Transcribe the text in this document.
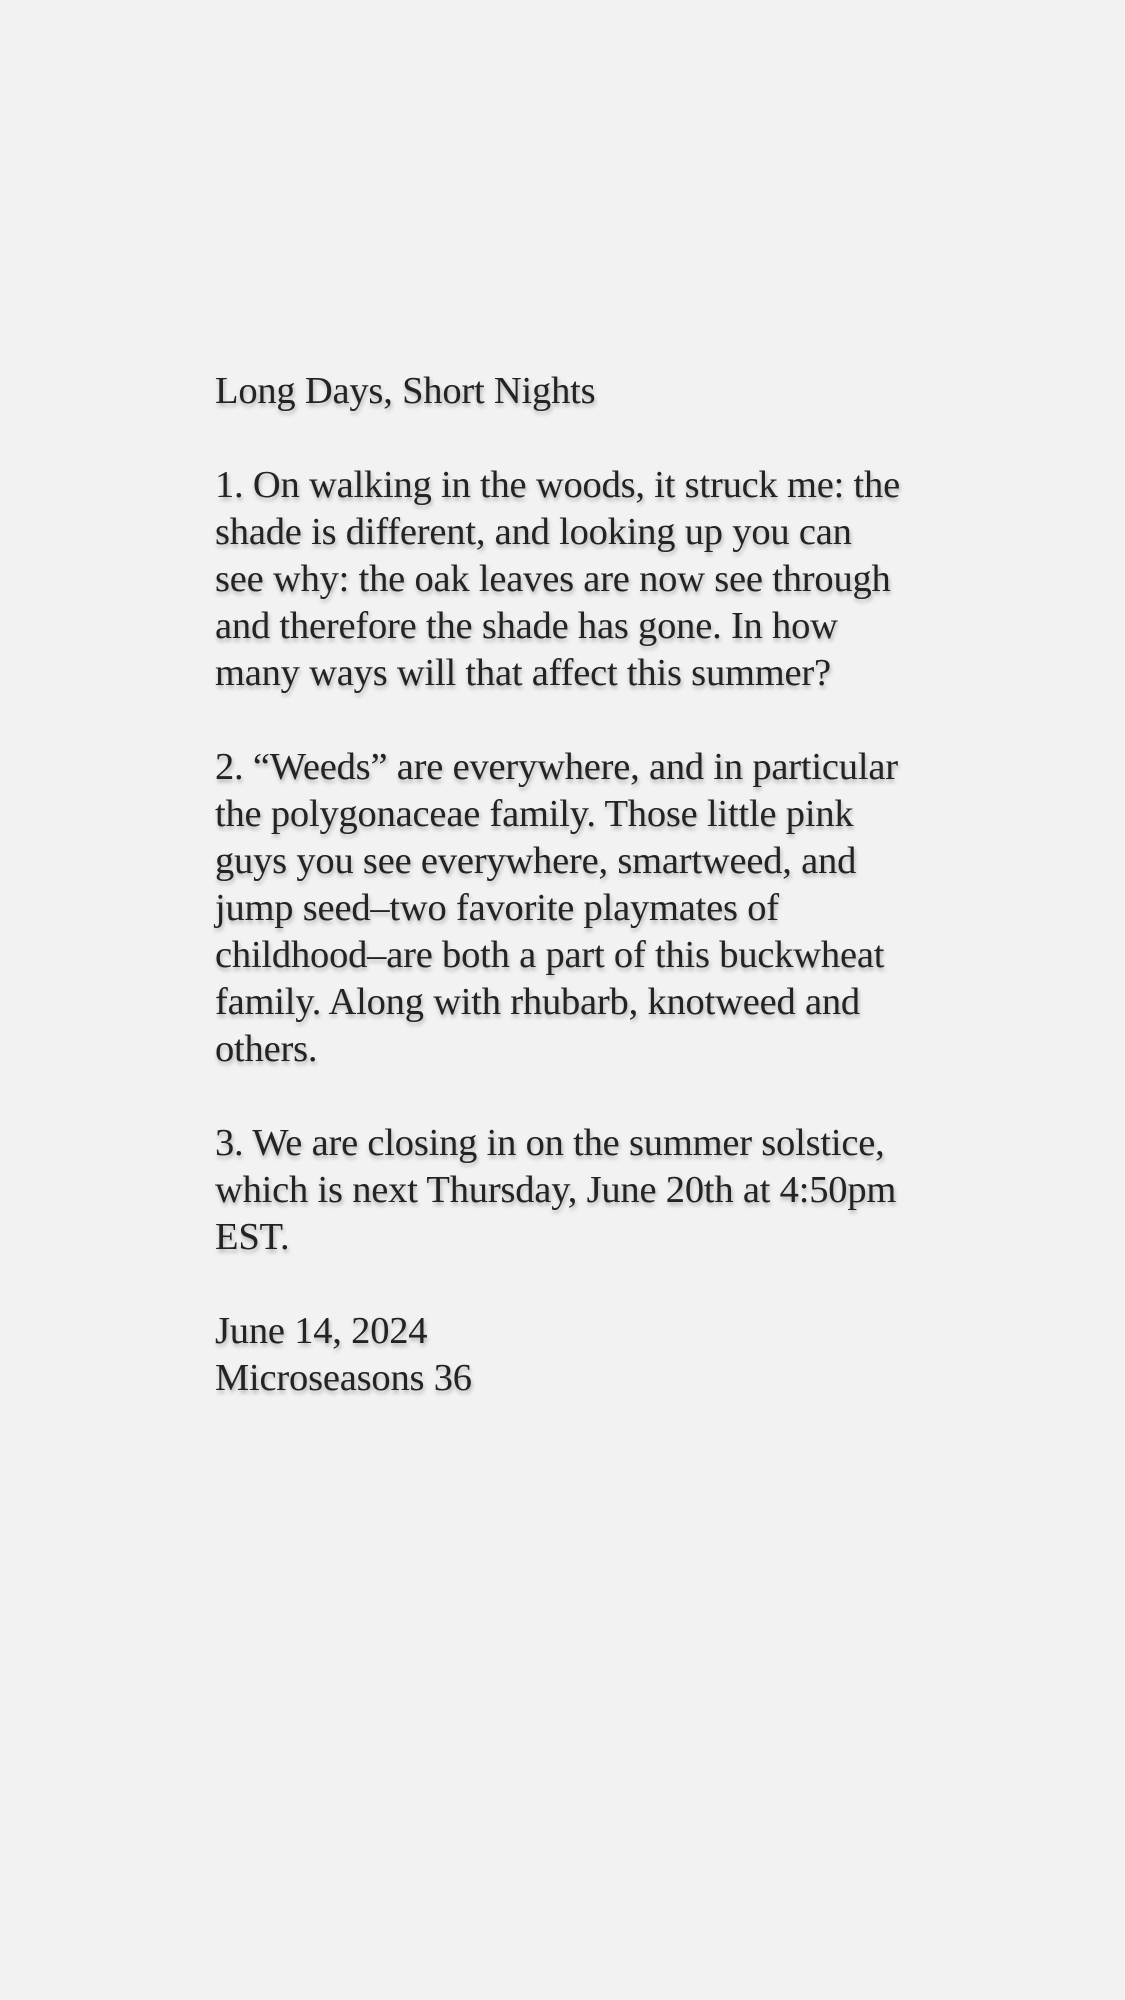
Long Days, Short Nights

1. On walking in the woods, it struck me: the shade is different, and looking up you can see why: the oak leaves are now see through and therefore the shade has gone. In how many ways will that affect this summer?

2. “Weeds” are everywhere, and in particular the polygonaceae family. Those little pink guys you see everywhere, smartweed, and jump seed–two favorite playmates of childhood–are both a part of this buckwheat family. Along with rhubarb, knotweed and others.

3. We are closing in on the summer solstice, which is next Thursday, June 20th at 4:50pm EST.

June 14, 2024

Microseasons 36
